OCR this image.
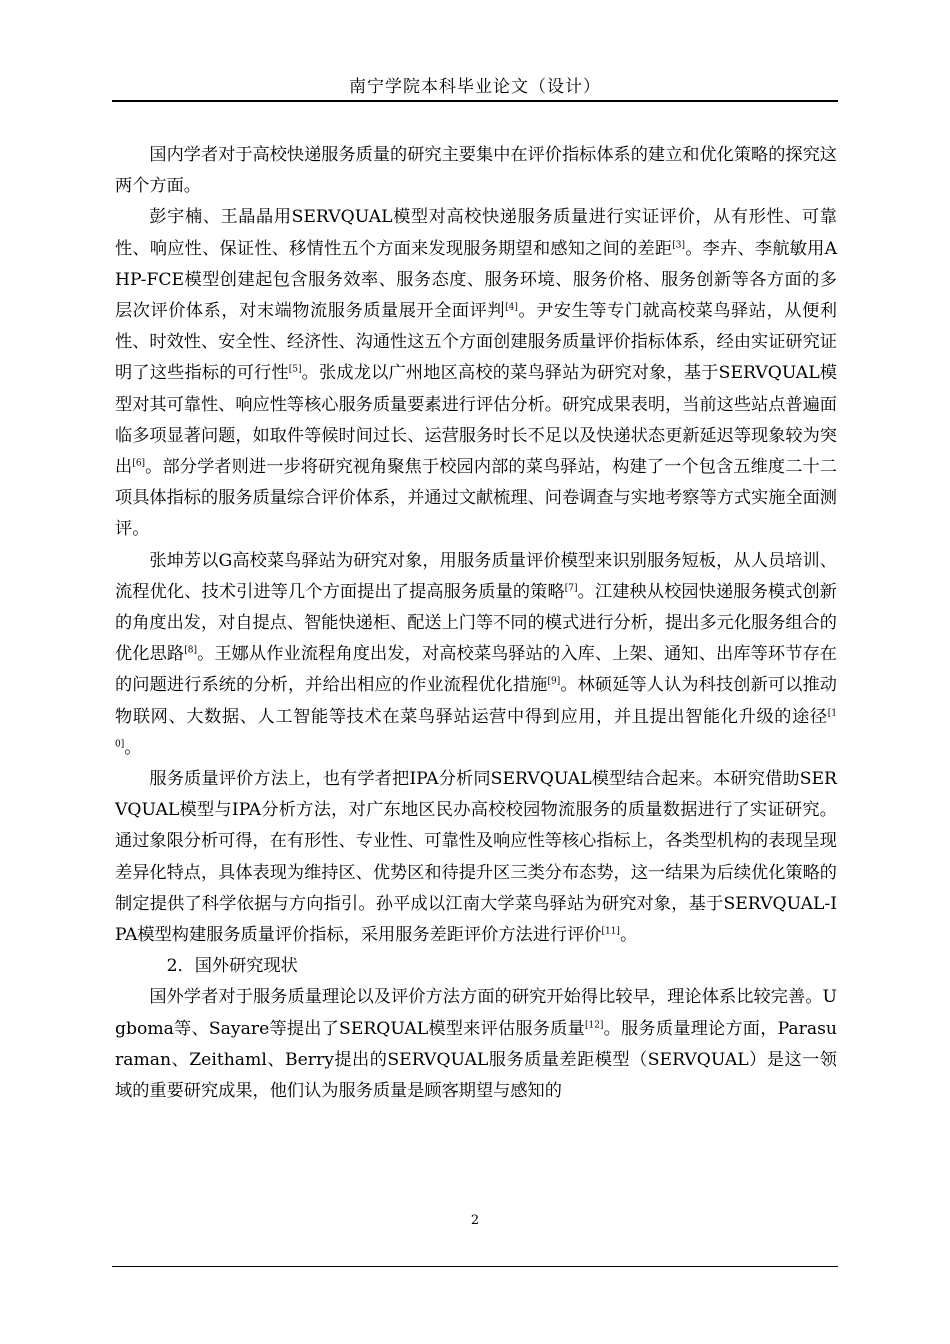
南宁学院本科毕业论文（设计）

国内学者对于高校快递服务质量的研究主要集中在评价指标体系的建立和优化策略的探究这两个方面。

彭宇楠、王晶晶用SERVQUAL模型对高校快递服务质量进行实证评价，从有形性、可靠性、响应性、保证性、移情性五个方面来发现服务期望和感知之间的差距[3]。李卉、李航敏用AHP-FCE模型创建起包含服务效率、服务态度、服务环境、服务价格、服务创新等各方面的多层次评价体系，对末端物流服务质量展开全面评判[4]。尹安生等专门就高校菜鸟驿站，从便利性、时效性、安全性、经济性、沟通性这五个方面创建服务质量评价指标体系，经由实证研究证明了这些指标的可行性[5]。张成龙以广州地区高校的菜鸟驿站为研究对象，基于SERVQUAL模型对其可靠性、响应性等核心服务质量要素进行评估分析。研究成果表明，当前这些站点普遍面临多项显著问题，如取件等候时间过长、运营服务时长不足以及快递状态更新延迟等现象较为突出[6]。部分学者则进一步将研究视角聚焦于校园内部的菜鸟驿站，构建了一个包含五维度二十二项具体指标的服务质量综合评价体系，并通过文献梳理、问卷调查与实地考察等方式实施全面测评。

张坤芳以G高校菜鸟驿站为研究对象，用服务质量评价模型来识别服务短板，从人员培训、流程优化、技术引进等几个方面提出了提高服务质量的策略[7]。江建秧从校园快递服务模式创新的角度出发，对自提点、智能快递柜、配送上门等不同的模式进行分析，提出多元化服务组合的优化思路[8]。王娜从作业流程角度出发，对高校菜鸟驿站的入库、上架、通知、出库等环节存在的问题进行系统的分析，并给出相应的作业流程优化措施[9]。林硕延等人认为科技创新可以推动物联网、大数据、人工智能等技术在菜鸟驿站运营中得到应用，并且提出智能化升级的途径[10]。

服务质量评价方法上，也有学者把IPA分析同SERVQUAL模型结合起来。本研究借助SERVQUAL模型与IPA分析方法，对广东地区民办高校校园物流服务的质量数据进行了实证研究。通过象限分析可得，在有形性、专业性、可靠性及响应性等核心指标上，各类型机构的表现呈现差异化特点，具体表现为维持区、优势区和待提升区三类分布态势，这一结果为后续优化策略的制定提供了科学依据与方向指引。孙平成以江南大学菜鸟驿站为研究对象，基于SERVQUAL-IPA模型构建服务质量评价指标，采用服务差距评价方法进行评价[11]。

2．国外研究现状

国外学者对于服务质量理论以及评价方法方面的研究开始得比较早，理论体系比较完善。Ugboma等、Sayare等提出了SERQUAL模型来评估服务质量[12]。服务质量理论方面，Parasuraman、Zeithaml、Berry提出的SERVQUAL服务质量差距模型（SERVQUAL）是这一领域的重要研究成果，他们认为服务质量是顾客期望与感知的

2
